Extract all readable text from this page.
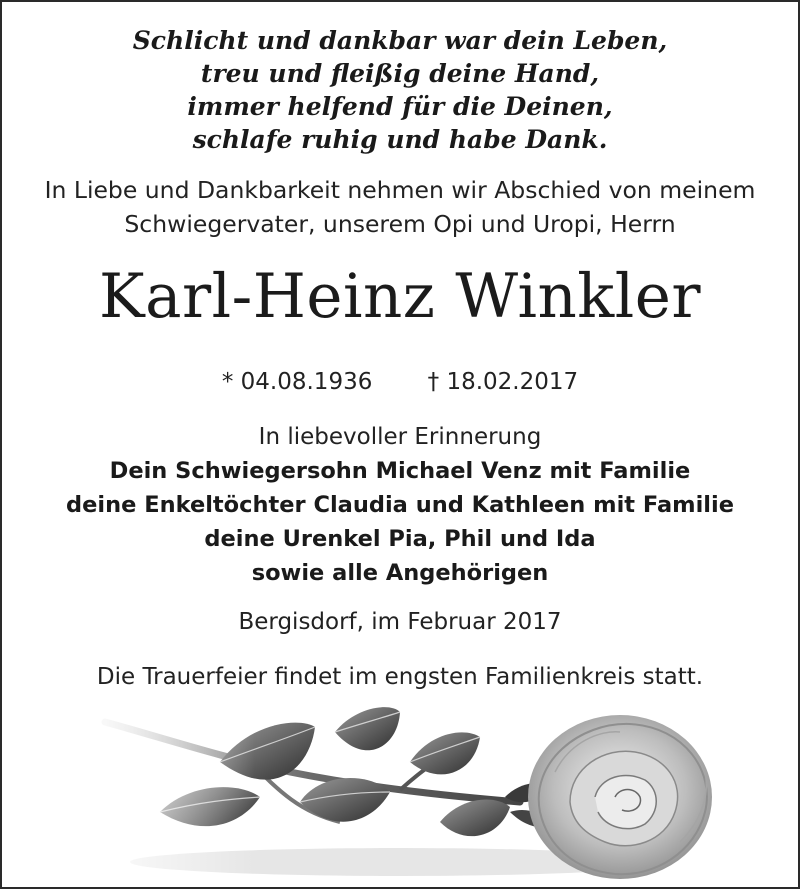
Schlicht und dankbar war dein Leben,
treu und fleißig deine Hand,
immer helfend für die Deinen,
schlafe ruhig und habe Dank.
In Liebe und Dankbarkeit nehmen wir Abschied von meinem
Schwiegervater, unserem Opi und Uropi, Herrn
Karl-Heinz Winkler
* 04.08.1936 † 18.02.2017
In liebevoller Erinnerung
Dein Schwiegersohn Michael Venz mit Familie
deine Enkeltöchter Claudia und Kathleen mit Familie
deine Urenkel Pia, Phil und Ida
sowie alle Angehörigen
Bergisdorf, im Februar 2017
Die Trauerfeier findet im engsten Familienkreis statt.
